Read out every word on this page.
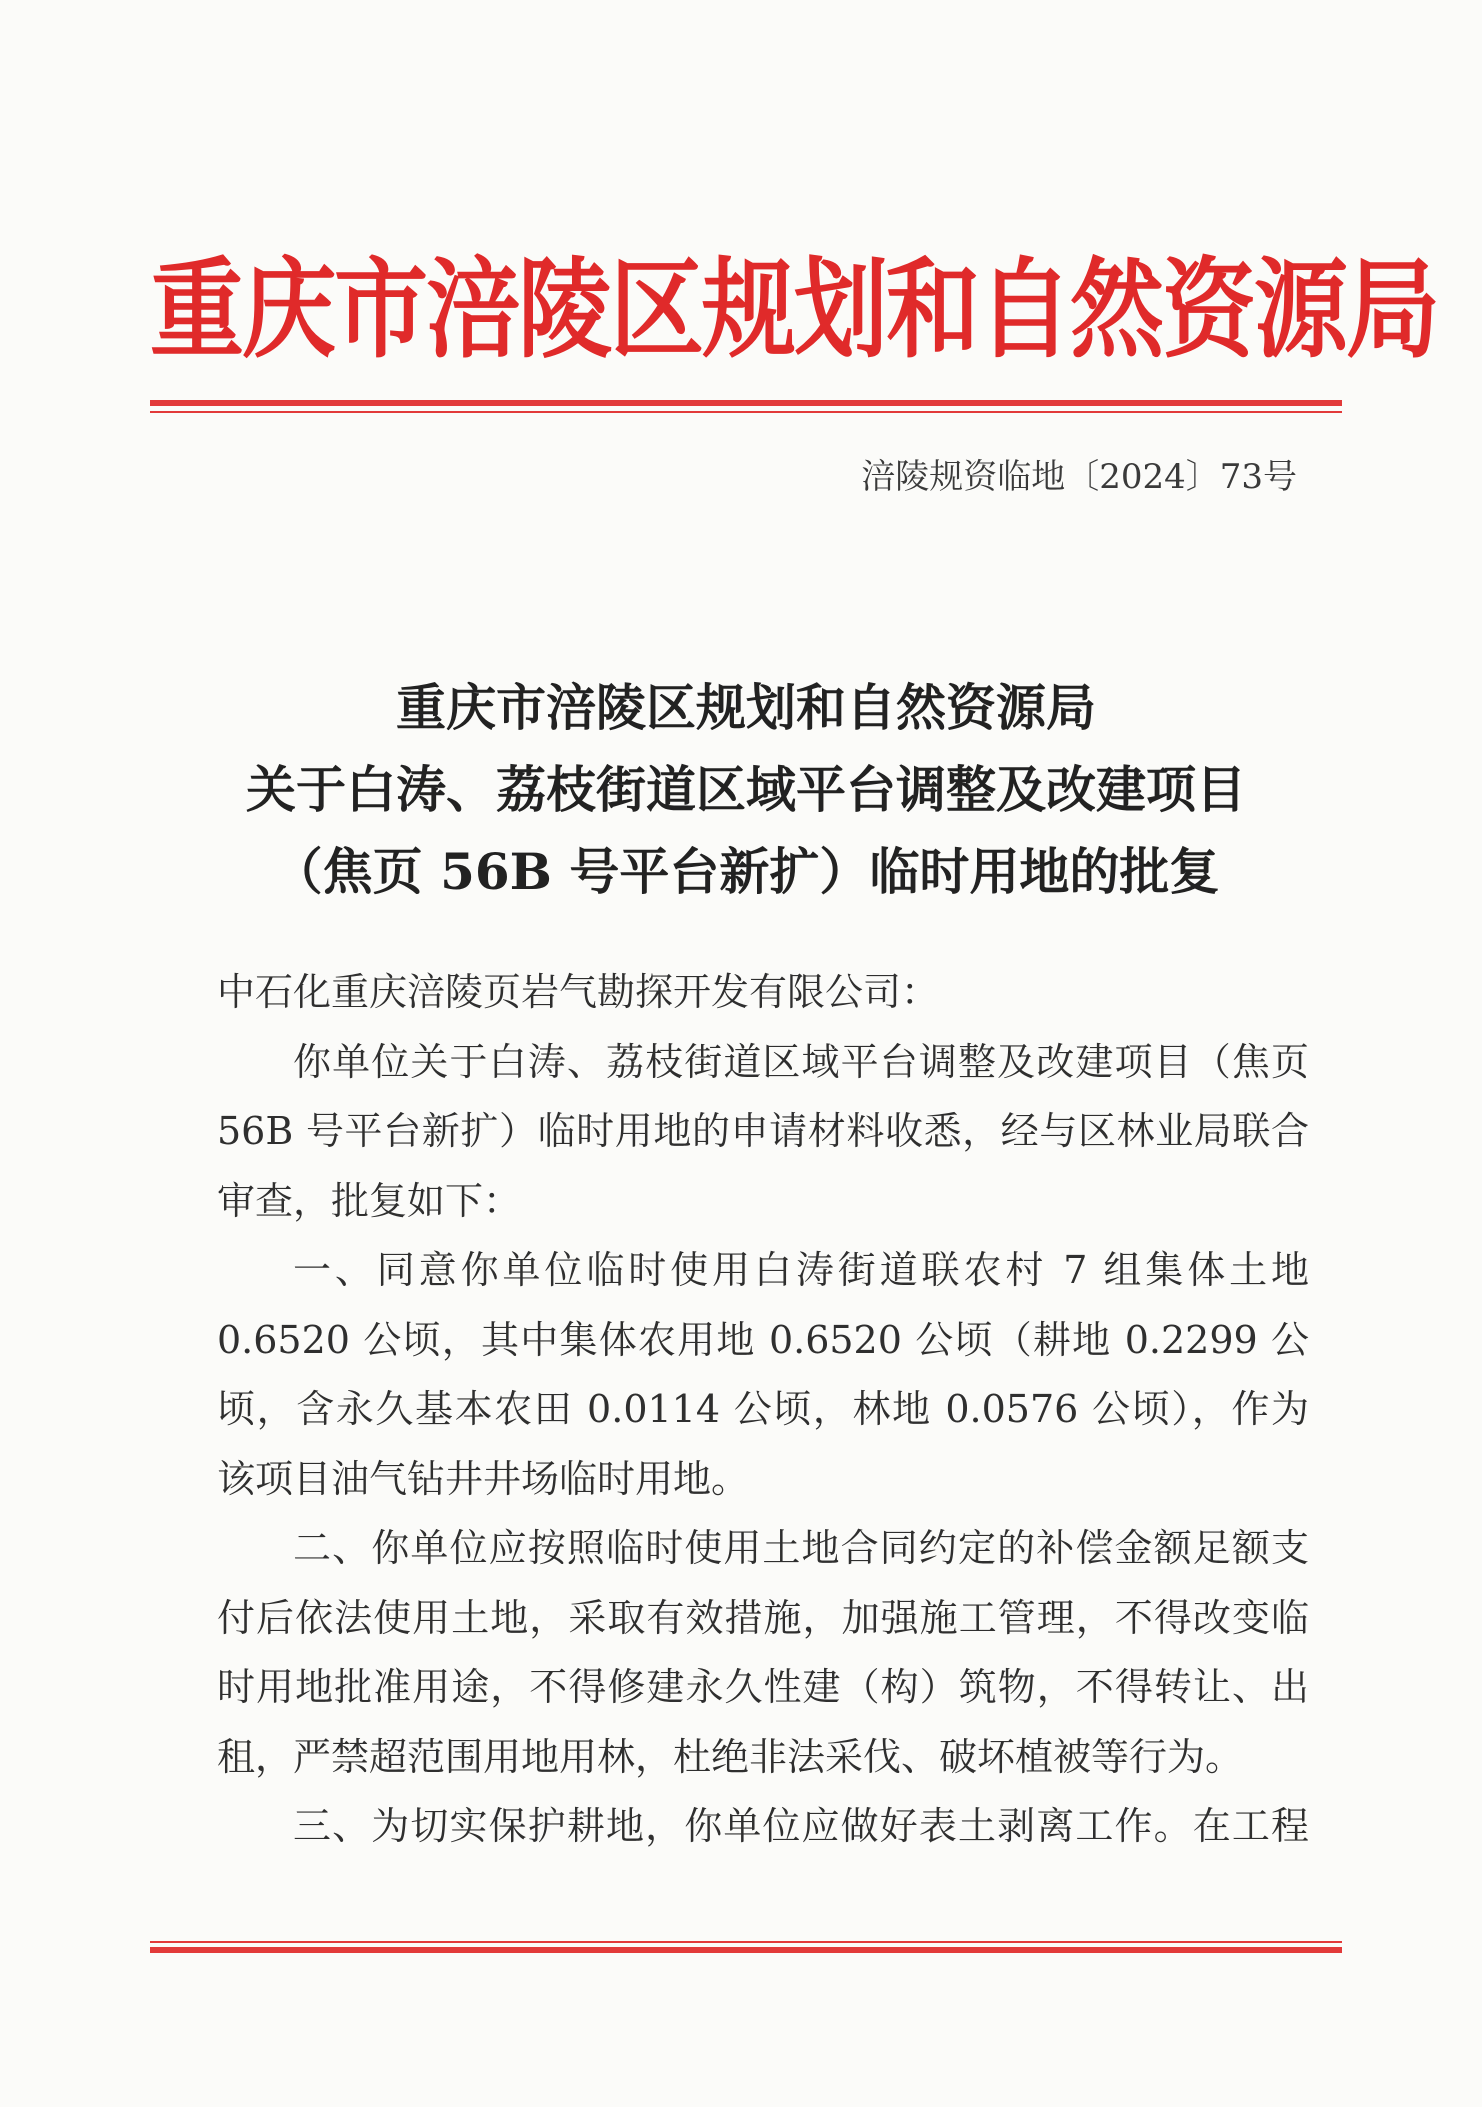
重庆市涪陵区规划和自然资源局
涪陵规资临地〔2024〕73号
重庆市涪陵区规划和自然资源局
关于白涛、荔枝街道区域平台调整及改建项目
（焦页 56B 号平台新扩）临时用地的批复

中石化重庆涪陵页岩气勘探开发有限公司：

你单位关于白涛、荔枝街道区域平台调整及改建项目（焦页56B 号平台新扩）临时用地的申请材料收悉，经与区林业局联合审查，批复如下：

一、同意你单位临时使用白涛街道联农村 7 组集体土地0.6520 公顷，其中集体农用地 0.6520 公顷（耕地 0.2299 公顷，含永久基本农田 0.0114 公顷，林地 0.0576 公顷），作为该项目油气钻井井场临时用地。

二、你单位应按照临时使用土地合同约定的补偿金额足额支付后依法使用土地，采取有效措施，加强施工管理，不得改变临时用地批准用途，不得修建永久性建（构）筑物，不得转让、出租，严禁超范围用地用林，杜绝非法采伐、破坏植被等行为。

三、为切实保护耕地，你单位应做好表土剥离工作。在工程
